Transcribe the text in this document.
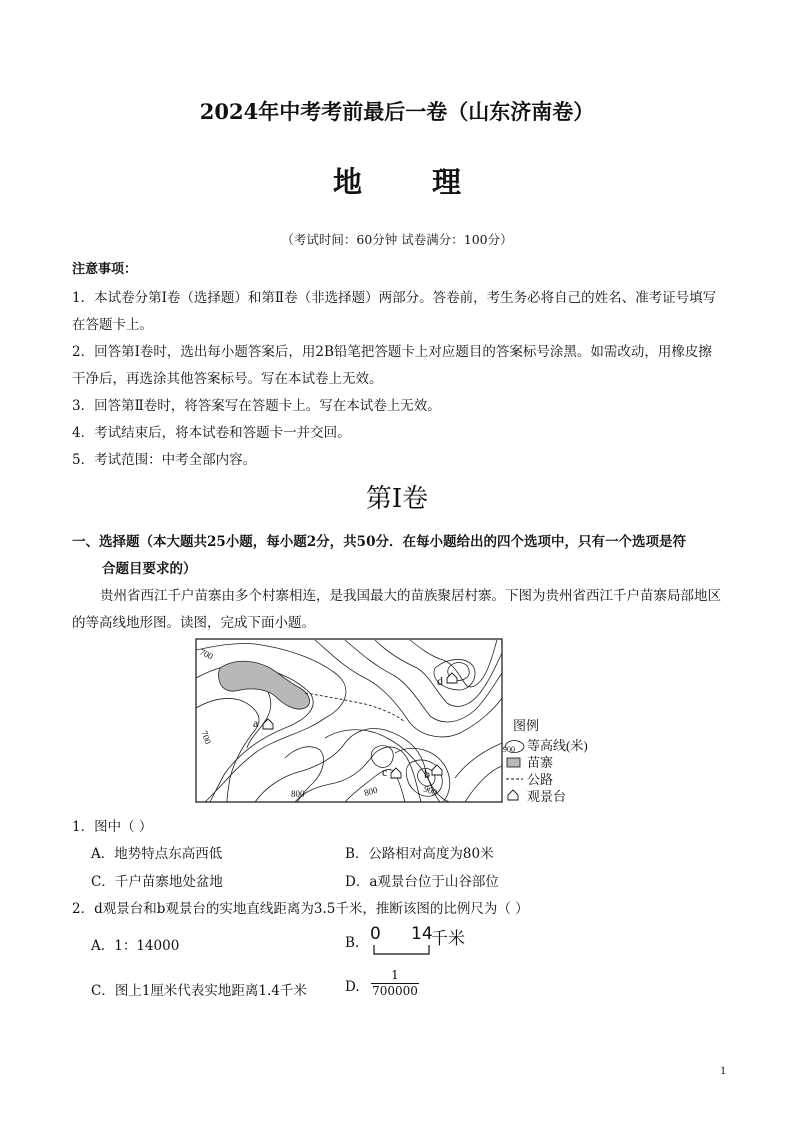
2024年中考考前最后一卷（山东济南卷）
地 理
（考试时间：60分钟 试卷满分：100分）
注意事项：
1．本试卷分第Ⅰ卷（选择题）和第Ⅱ卷（非选择题）两部分。答卷前，考生务必将自己的姓名、准考证号填写在答题卡上。
2．回答第Ⅰ卷时，选出每小题答案后，用2B铅笔把答题卡上对应题目的答案标号涂黑。如需改动，用橡皮擦干净后，再选涂其他答案标号。写在本试卷上无效。
3．回答第Ⅱ卷时，将答案写在答题卡上。写在本试卷上无效。
4．考试结束后，将本试卷和答题卡一并交回。
5．考试范围：中考全部内容。
第Ⅰ卷
一、选择题（本大题共25小题，每小题2分，共50分．在每小题给出的四个选项中，只有一个选项是符
合题目要求的）
贵州省西江千户苗寨由多个村寨相连，是我国最大的苗族聚居村寨。下图为贵州省西江千户苗寨局部地区的等高线地形图。读图，完成下面小题。
a
d
c	b
700
700
800	800	900
图例
900 等高线(米)
苗寨
公路
观景台
1．图中（ ）
A．地势特点东高西低	B．公路相对高度为80米
C．千户苗寨地处盆地	D．a观景台位于山谷部位
2．d观景台和b观景台的实地直线距离为3.5千米，推断该图的比例尺为（ ）
A．1：14000	B. 0 14
千米
C．图上1厘米代表实地距离1.4千米	D. $\frac{1}{700000}$
1
